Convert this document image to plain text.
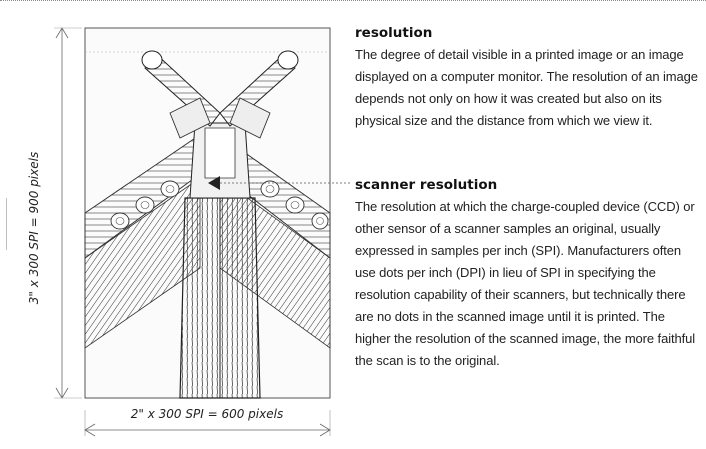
3" x 300 SPI = 900 pixels
2" x 300 SPI = 600 pixels

resolution

The degree of detail visible in a printed image or an image displayed on a computer monitor. The resolution of an image depends not only on how it was created but also on its physical size and the distance from which we view it.

scanner resolution

The resolution at which the charge-coupled device (CCD) or other sensor of a scanner samples an original, usually expressed in samples per inch (SPI). Manufacturers often use dots per inch (DPI) in lieu of SPI in specifying the resolution capability of their scanners, but technically there are no dots in the scanned image until it is printed. The higher the resolution of the scanned image, the more faithful the scan is to the original.
